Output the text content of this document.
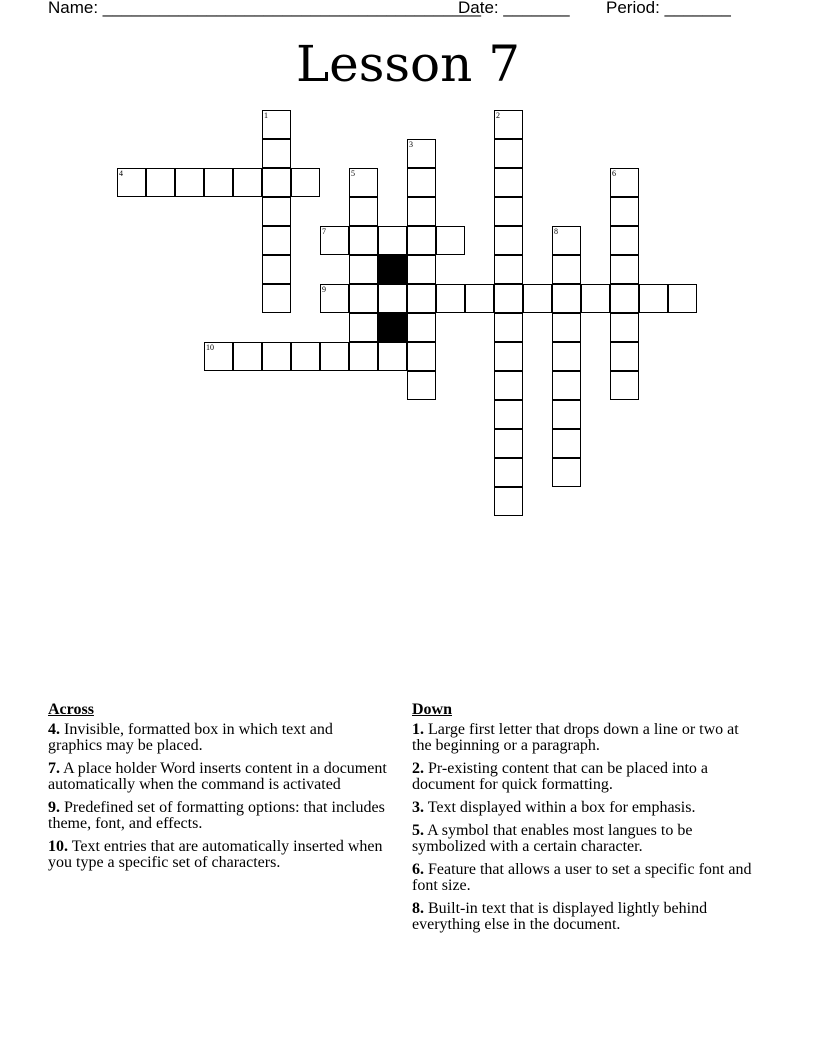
Name: ________________________________________
Date: _______ Period: _______
Lesson 7
1	2
3
4	5	6
7	8
9
10
Across
4. Invisible, formatted box in which text and graphics may be placed.
7. A place holder Word inserts content in a document automatically when the command is activated
9. Predefined set of formatting options: that includes theme, font, and effects.
10. Text entries that are automatically inserted when you type a specific set of characters.
Down
1. Large first letter that drops down a line or two at the beginning or a paragraph.
2. Pr-existing content that can be placed into a document for quick formatting.
3. Text displayed within a box for emphasis.
5. A symbol that enables most langues to be symbolized with a certain character.
6. Feature that allows a user to set a specific font and font size.
8. Built-in text that is displayed lightly behind everything else in the document.
